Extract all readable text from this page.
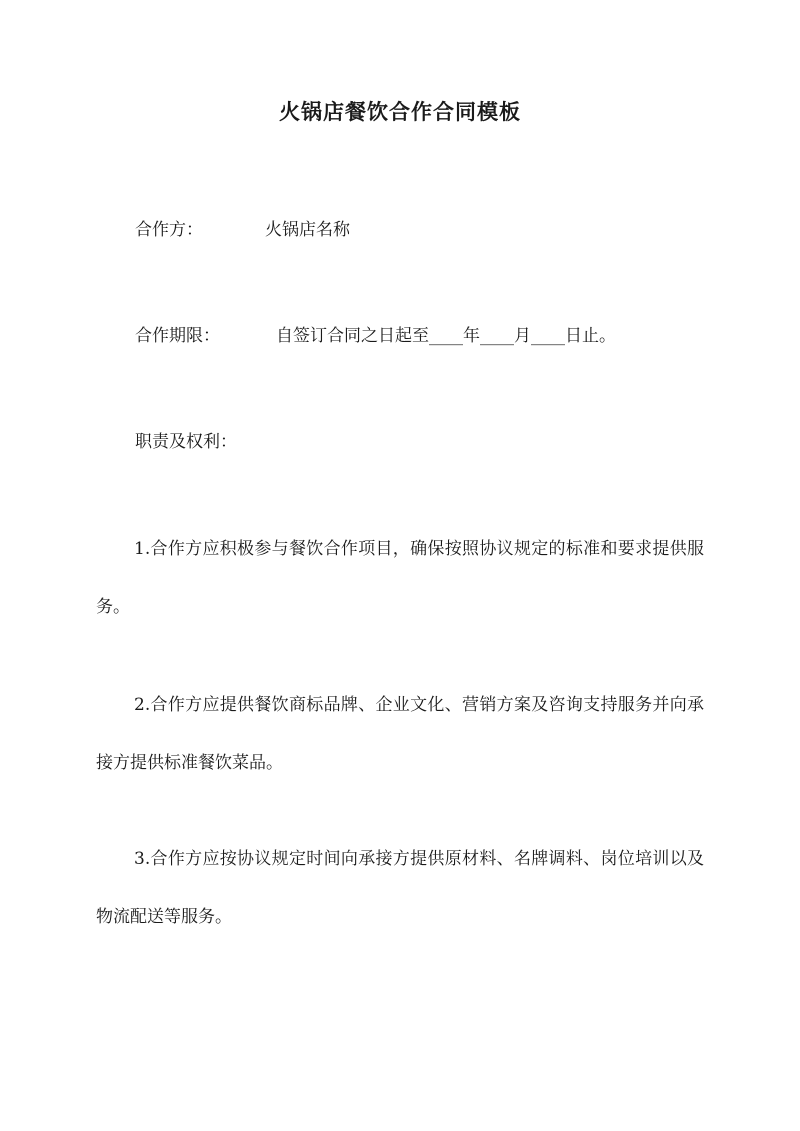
火锅店餐饮合作合同模板
合作方：	火锅店名称
合作期限：	自签订合同之日起至____年____月____日止。
职责及权利：
1.合作方应积极参与餐饮合作项目，确保按照协议规定的标准和要求提供服务。
2.合作方应提供餐饮商标品牌、企业文化、营销方案及咨询支持服务并向承接方提供标准餐饮菜品。
3.合作方应按协议规定时间向承接方提供原材料、名牌调料、岗位培训以及物流配送等服务。
